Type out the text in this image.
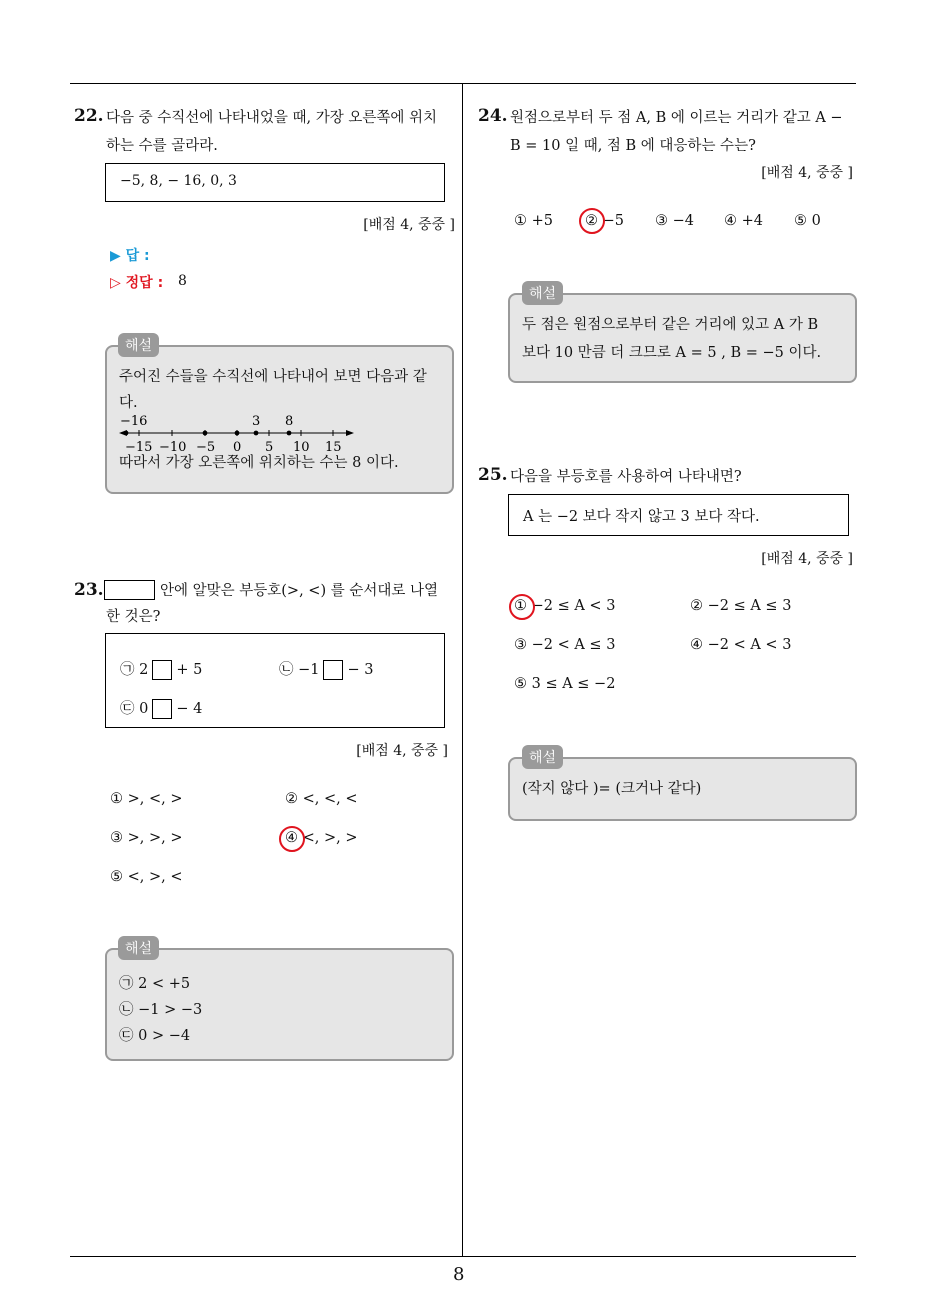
8
22. 다음 중 수직선에 나타내었을 때, 가장 오른쪽에 위치
하는 수를 골라라.
−5, 8, − 16, 0, 3
[배점 4, 중중 ]
▶ 답 :
▷ 정답 : 8
주어진 수들을 수직선에 나타내어 보면 다음과 같
다.
−16	3 8
−15 −10 −5 0 5 10 15
따라서 가장 오른쪽에 위치하는 수는 8 이다.
해설
23.	안에 알맞은 부등호(>, <) 를 순서대로 나열
한 것은?
㉠ 2 + 5	㉡ −1 − 3
㉢ 0 − 4
[배점 4, 중중 ]
① >, <, >	② <, <, <
③ >, >, >	④ <, >, >
⑤ <, >, <
㉠ 2 < +5
㉡ −1 > −3
㉢ 0 > −4
해설
24. 원점으로부터 두 점 A, B 에 이르는 거리가 같고 A −
B = 10 일 때, 점 B 에 대응하는 수는?
[배점 4, 중중 ]
① +5 ② −5 ③ −4 ④ +4 ⑤ 0
두 점은 원점으로부터 같은 거리에 있고 A 가 B
보다 10 만큼 더 크므로 A = 5 , B = −5 이다.
해설
25. 다음을 부등호를 사용하여 나타내면?
A 는 −2 보다 작지 않고 3 보다 작다.
[배점 4, 중중 ]
① −2 ≤ A < 3	② −2 ≤ A ≤ 3
③ −2 < A ≤ 3	④ −2 < A < 3
⑤ 3 ≤ A ≤ −2
(작지 않다 )= (크거나 같다)
해설
